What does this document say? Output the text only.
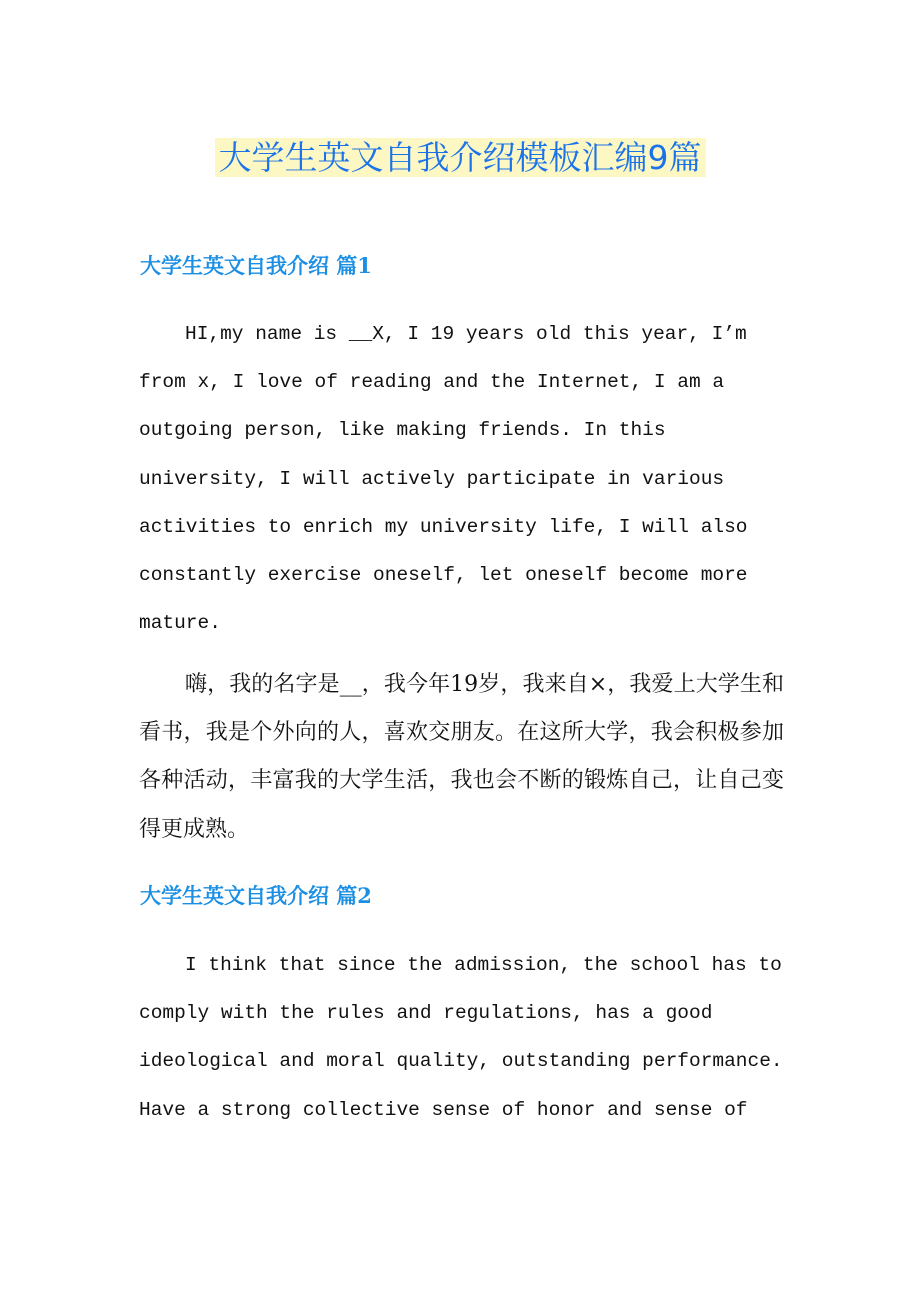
大学生英文自我介绍模板汇编9篇
大学生英文自我介绍 篇1

HI,my name is __X, I 19 years old this year, I’m from x, I love of reading and the Internet, I am a outgoing person, like making friends. In this university, I will actively participate in various activities to enrich my university life, I will also constantly exercise oneself, let oneself become more mature.

嗨，我的名字是__，我今年19岁，我来自×，我爱上大学生和看书，我是个外向的人，喜欢交朋友。在这所大学，我会积极参加各种活动，丰富我的大学生活，我也会不断的锻炼自己，让自己变得更成熟。

大学生英文自我介绍 篇2

I think that since the admission, the school has to comply with the rules and regulations, has a good ideological and moral quality, outstanding performance. Have a strong collective sense of honor and sense of
